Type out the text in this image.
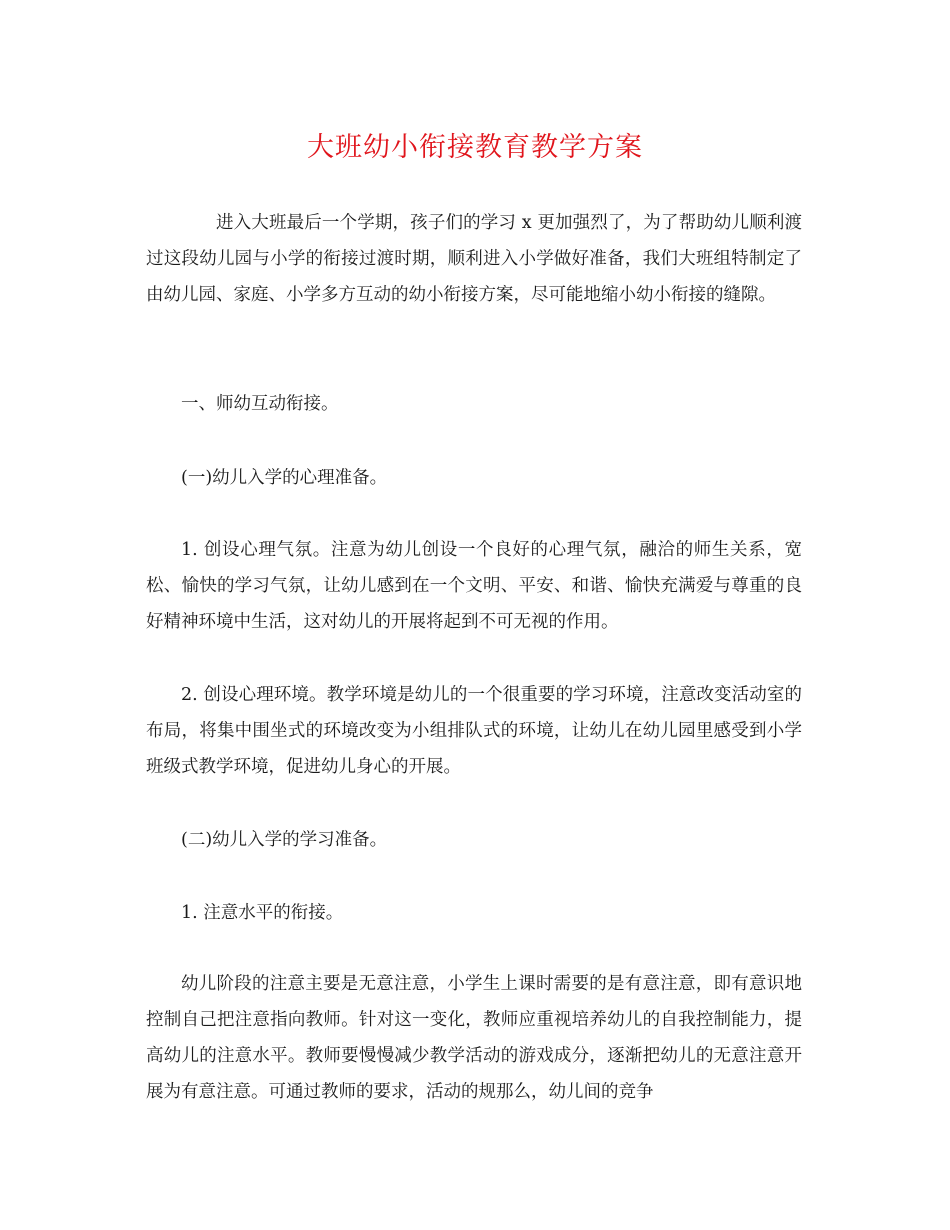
大班幼小衔接教育教学方案

进入大班最后一个学期，孩子们的学习 x 更加强烈了，为了帮助幼儿顺利渡过这段幼儿园与小学的衔接过渡时期，顺利进入小学做好准备，我们大班组特制定了由幼儿园、家庭、小学多方互动的幼小衔接方案，尽可能地缩小幼小衔接的缝隙。

一、师幼互动衔接。

(一)幼儿入学的心理准备。

1. 创设心理气氛。注意为幼儿创设一个良好的心理气氛，融洽的师生关系，宽松、愉快的学习气氛，让幼儿感到在一个文明、平安、和谐、愉快充满爱与尊重的良好精神环境中生活，这对幼儿的开展将起到不可无视的作用。

2. 创设心理环境。教学环境是幼儿的一个很重要的学习环境，注意改变活动室的布局，将集中围坐式的环境改变为小组排队式的环境，让幼儿在幼儿园里感受到小学班级式教学环境，促进幼儿身心的开展。

(二)幼儿入学的学习准备。

1. 注意水平的衔接。

幼儿阶段的注意主要是无意注意，小学生上课时需要的是有意注意，即有意识地控制自己把注意指向教师。针对这一变化，教师应重视培养幼儿的自我控制能力，提高幼儿的注意水平。教师要慢慢减少教学活动的游戏成分，逐渐把幼儿的无意注意开展为有意注意。可通过教师的要求，活动的规那么，幼儿间的竞争
